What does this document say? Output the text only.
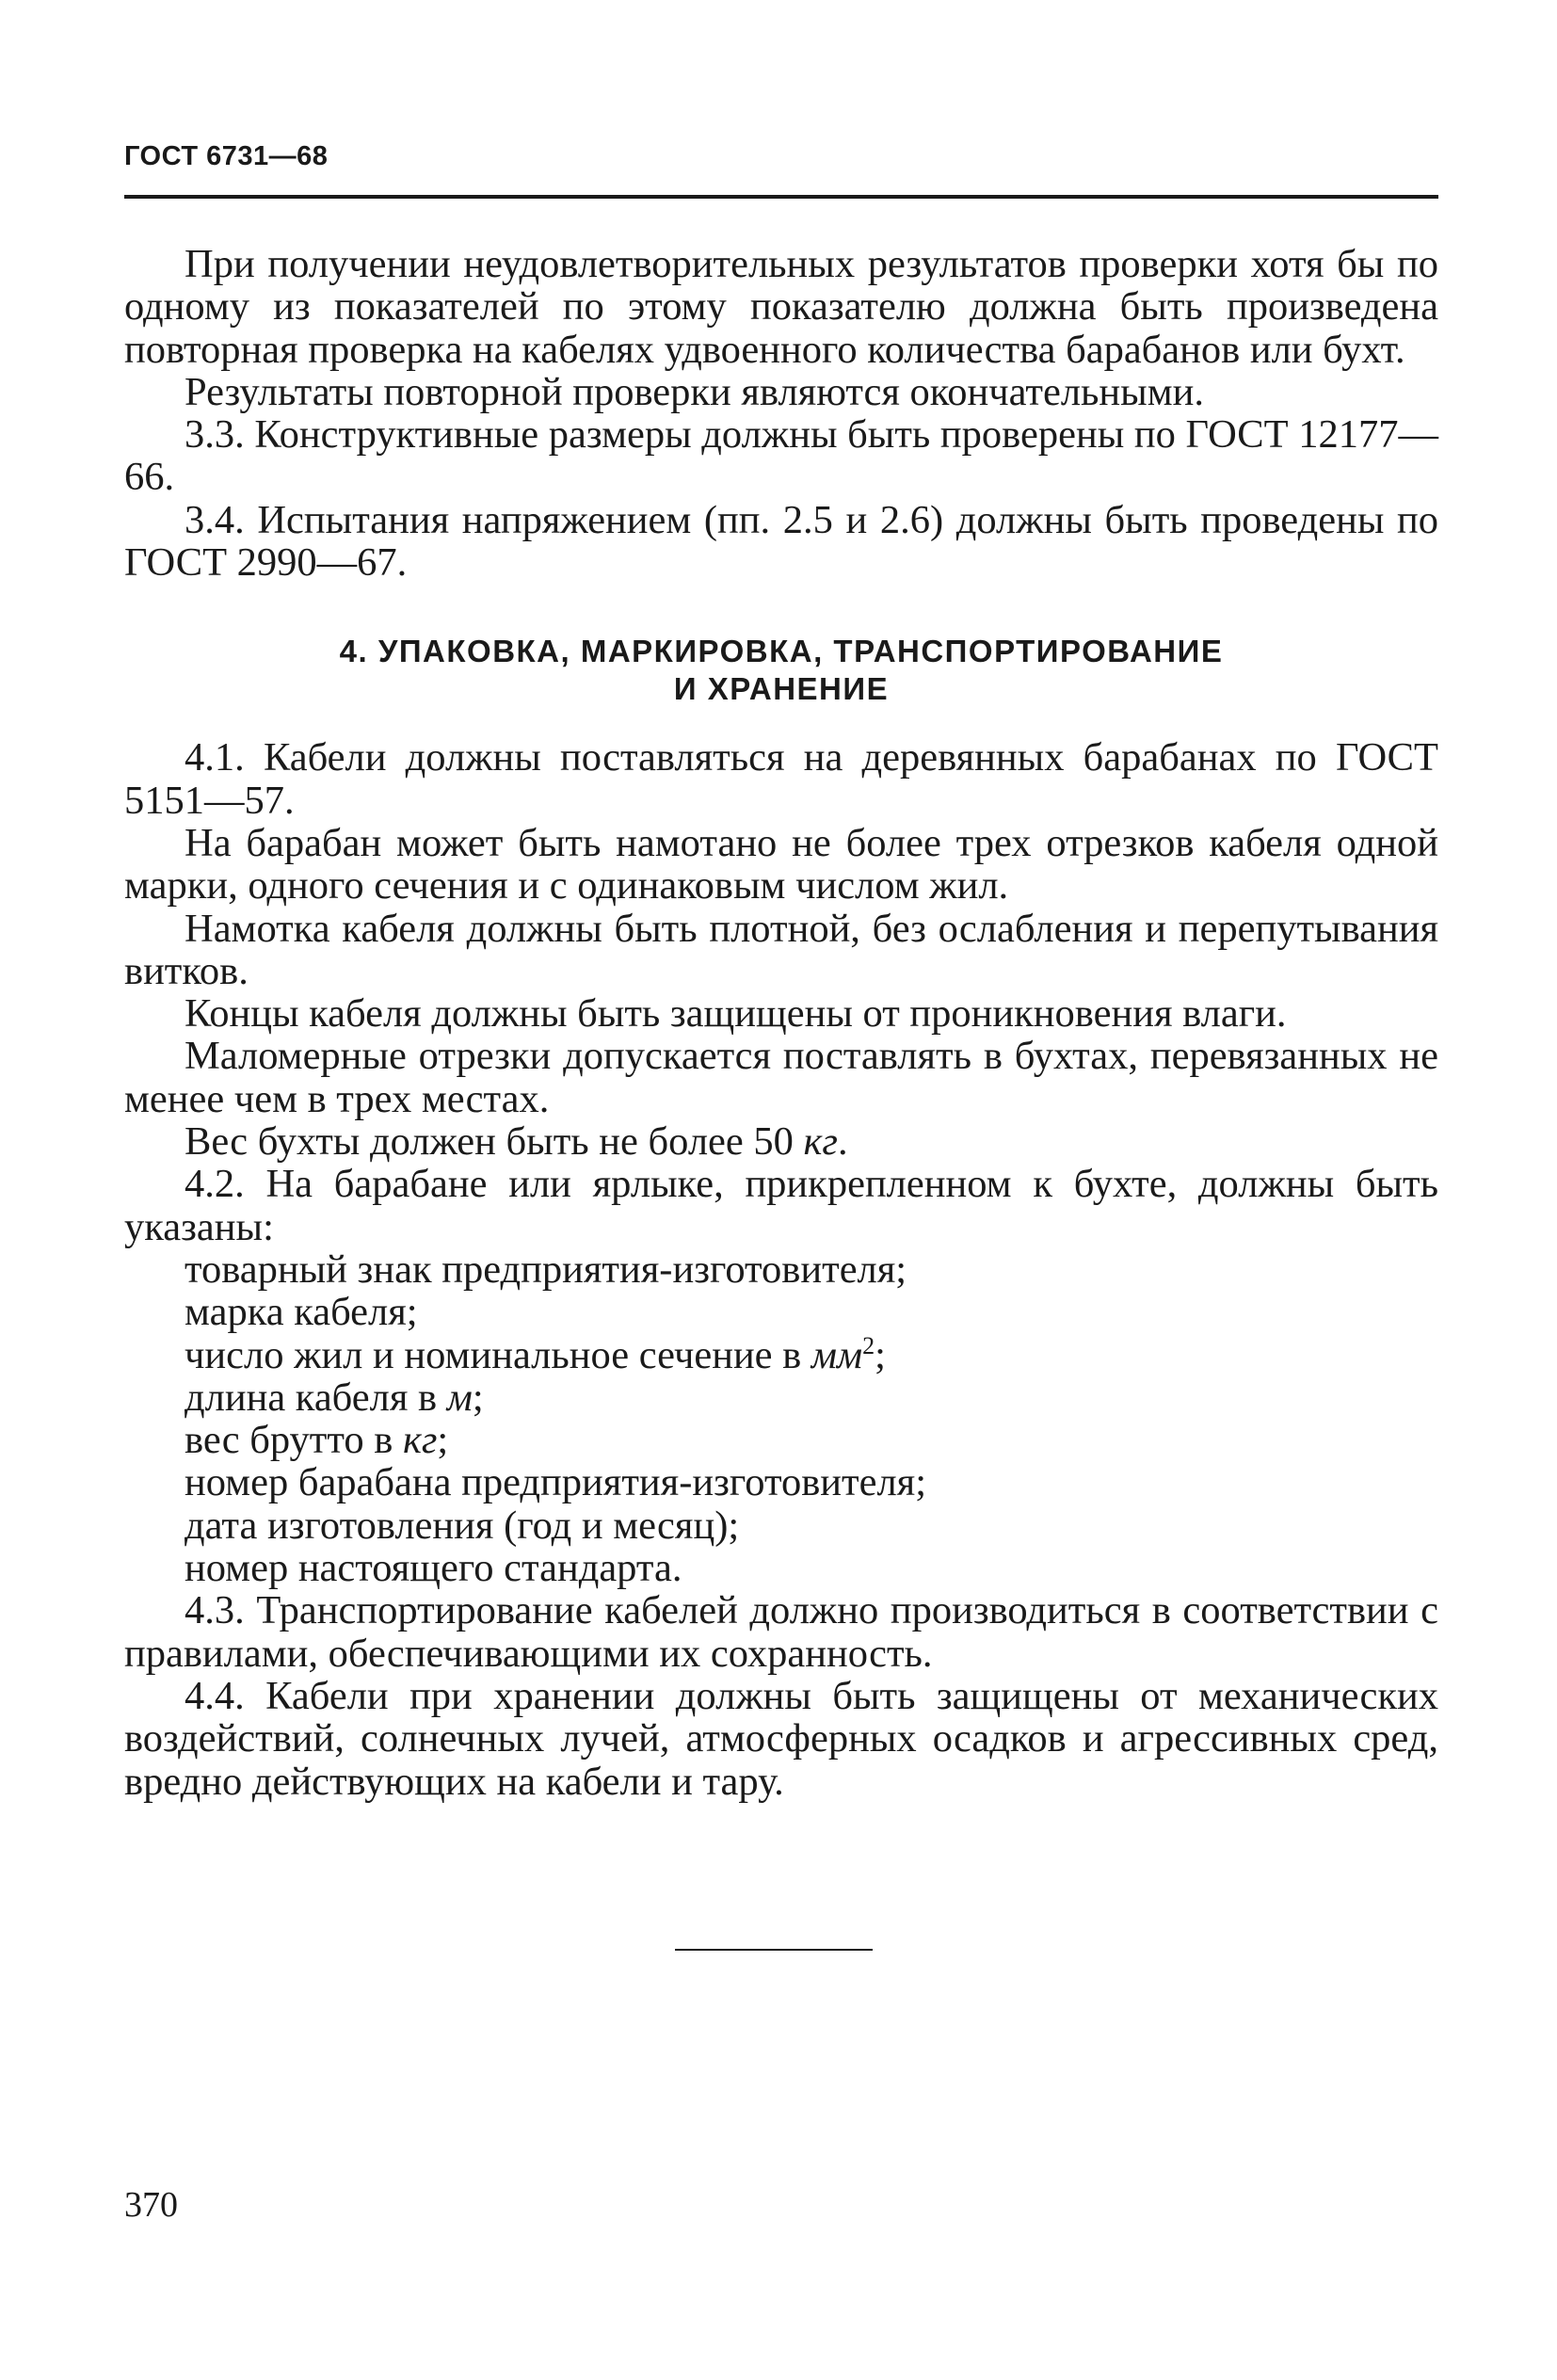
ГОСТ 6731—68

При получении неудовлетворительных результатов проверки хотя бы по одному из показателей по этому показателю должна быть произведена повторная проверка на кабелях удвоенного количества барабанов или бухт.

Результаты повторной проверки являются окончательными.

3.3. Конструктивные размеры должны быть проверены по ГОСТ 12177—66.

3.4. Испытания напряжением (пп. 2.5 и 2.6) должны быть проведены по ГОСТ 2990—67.

4. УПАКОВКА, МАРКИРОВКА, ТРАНСПОРТИРОВАНИЕ
И ХРАНЕНИЕ

4.1. Кабели должны поставляться на деревянных барабанах по ГОСТ 5151—57.

На барабан может быть намотано не более трех отрезков кабеля одной марки, одного сечения и с одинаковым числом жил.

Намотка кабеля должны быть плотной, без ослабления и перепутывания витков.

Концы кабеля должны быть защищены от проникновения влаги.

Маломерные отрезки допускается поставлять в бухтах, перевязанных не менее чем в трех местах.

Вес бухты должен быть не более 50 кг.

4.2. На барабане или ярлыке, прикрепленном к бухте, должны быть указаны:

товарный знак предприятия-изготовителя;
марка кабеля;
число жил и номинальное сечение в $мм^2$;
длина кабеля в м;
вес брутто в кг;
номер барабана предприятия-изготовителя;
дата изготовления (год и месяц);
номер настоящего стандарта.

4.3. Транспортирование кабелей должно производиться в соответствии с правилами, обеспечивающими их сохранность.

4.4. Кабели при хранении должны быть защищены от механических воздействий, солнечных лучей, атмосферных осадков и агрессивных сред, вредно действующих на кабели и тару.

370
